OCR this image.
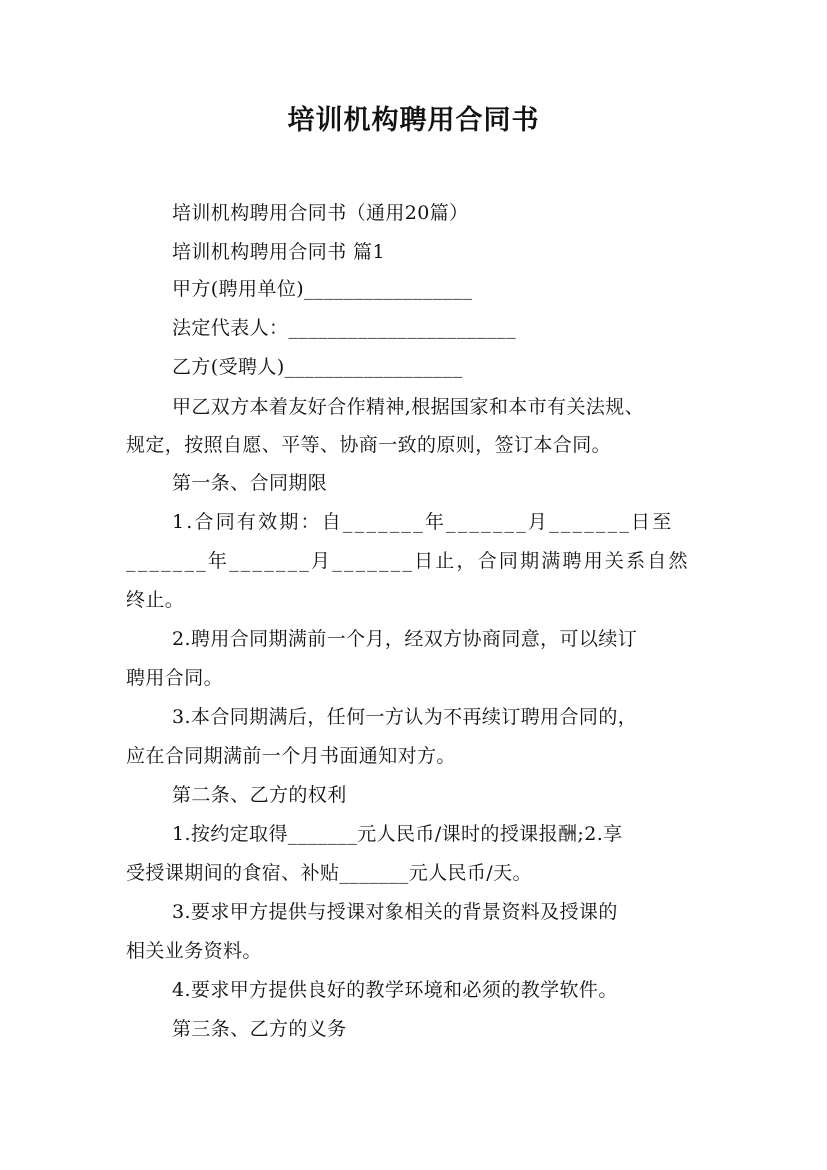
培训机构聘用合同书
培训机构聘用合同书（通用20篇）
培训机构聘用合同书 篇1
甲方(聘用单位)_________________
法定代表人：_______________________
乙方(受聘人)__________________
甲乙双方本着友好合作精神,根据国家和本市有关法规、
规定，按照自愿、平等、协商一致的原则，签订本合同。
第一条、合同期限
1.合同有效期：自_______年_______月_______日至
_______年_______月_______日止，合同期满聘用关系自然
终止。
2.聘用合同期满前一个月，经双方协商同意，可以续订
聘用合同。
3.本合同期满后，任何一方认为不再续订聘用合同的，
应在合同期满前一个月书面通知对方。
第二条、乙方的权利
1.按约定取得_______元人民币/课时的授课报酬;2.享
受授课期间的食宿、补贴_______元人民币/天。
3.要求甲方提供与授课对象相关的背景资料及授课的
相关业务资料。
4.要求甲方提供良好的教学环境和必须的教学软件。
第三条、乙方的义务
